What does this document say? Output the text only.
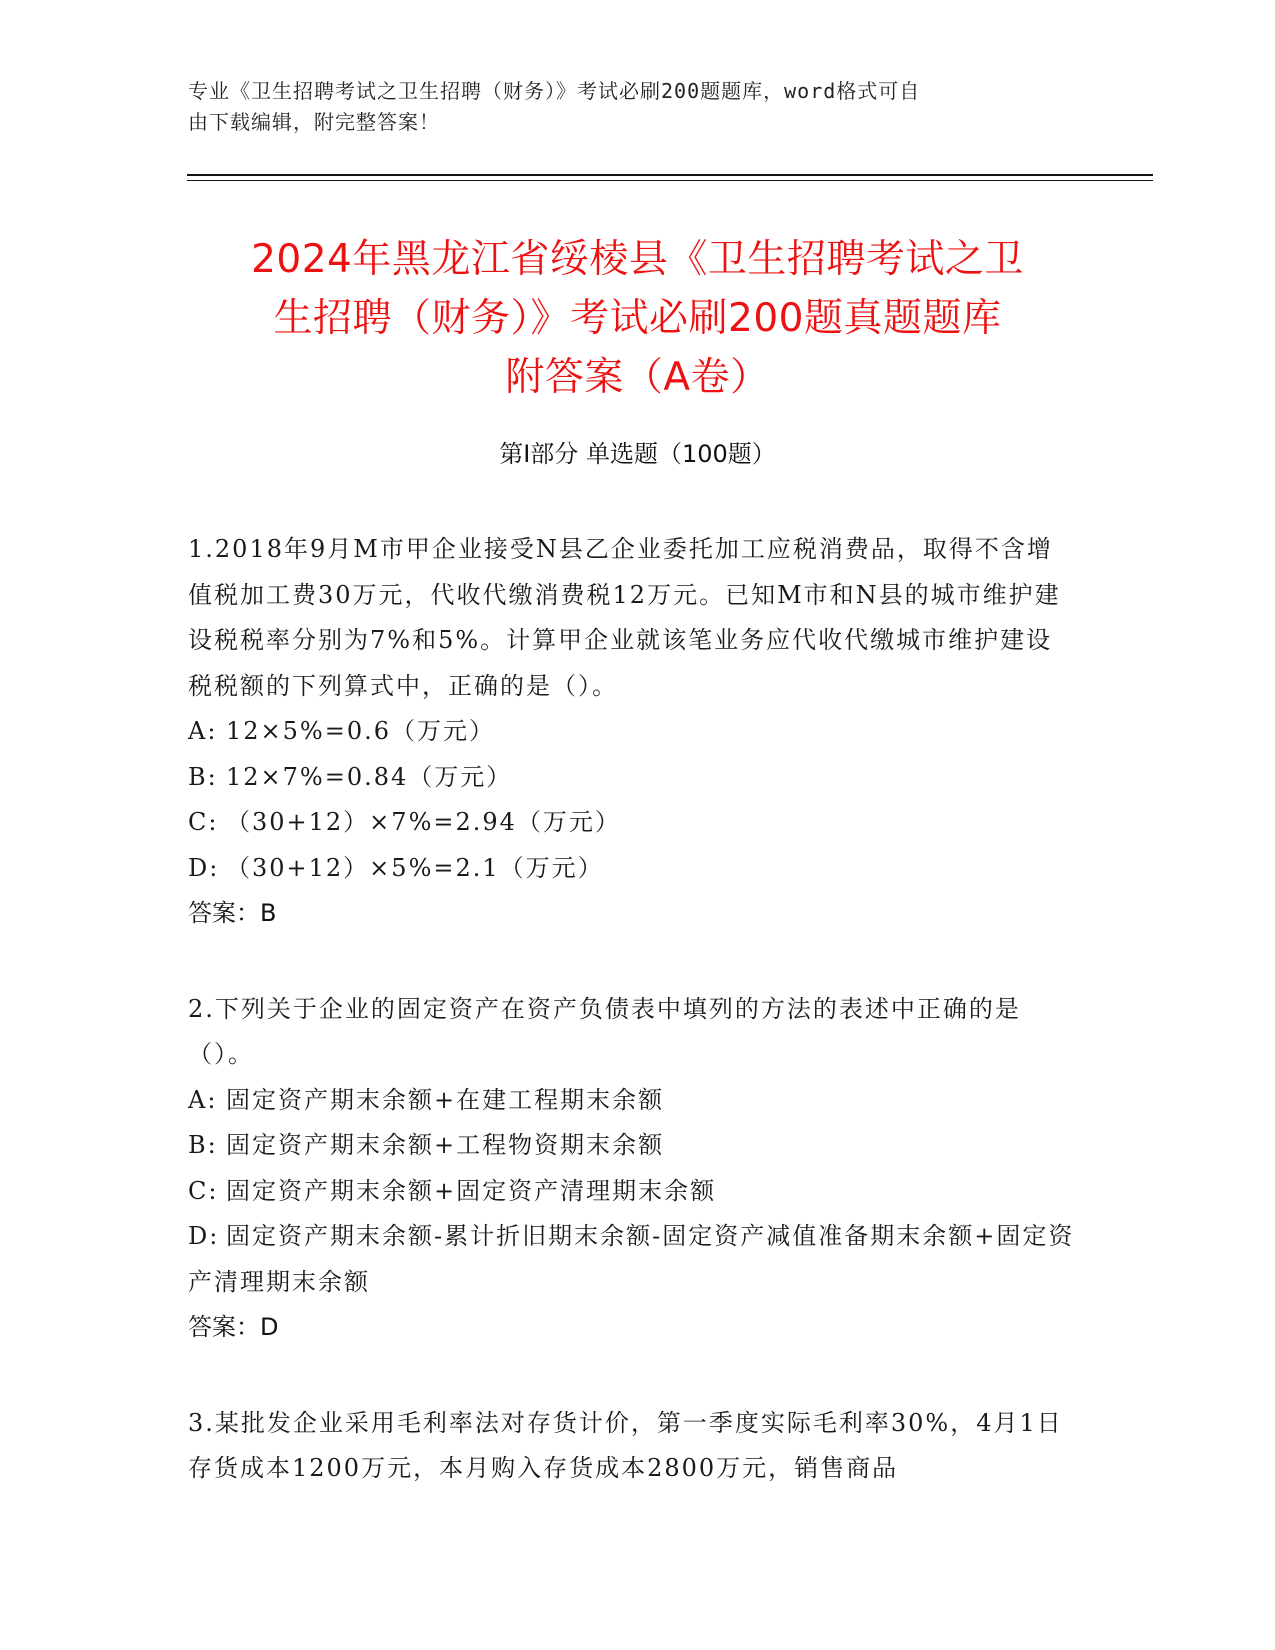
专业《卫生招聘考试之卫生招聘（财务）》考试必刷200题题库，word格式可自
由下载编辑，附完整答案！
2024年黑龙江省绥棱县《卫生招聘考试之卫
生招聘（财务）》考试必刷200题真题题库
附答案（A卷）
第Ⅰ部分 单选题（100题）

1.2018年9月M市甲企业接受N县乙企业委托加工应税消费品，取得不含增值税加工费30万元，代收代缴消费税12万元。已知M市和N县的城市维护建设税税率分别为7%和5%。计算甲企业就该笔业务应代收代缴城市维护建设税税额的下列算式中，正确的是（）。

A: 12×5%=0.6（万元）

B: 12×7%=0.84（万元）

C: （30+12）×7%=2.94（万元）

D: （30+12）×5%=2.1（万元）

答案：B

2.下列关于企业的固定资产在资产负债表中填列的方法的表述中正确的是（）。

A: 固定资产期末余额+在建工程期末余额

B: 固定资产期末余额+工程物资期末余额

C: 固定资产期末余额+固定资产清理期末余额

D: 固定资产期末余额-累计折旧期末余额-固定资产减值准备期末余额+固定资产清理期末余额

答案：D

3.某批发企业采用毛利率法对存货计价，第一季度实际毛利率30%，4月1日存货成本1200万元，本月购入存货成本2800万元，销售商品
